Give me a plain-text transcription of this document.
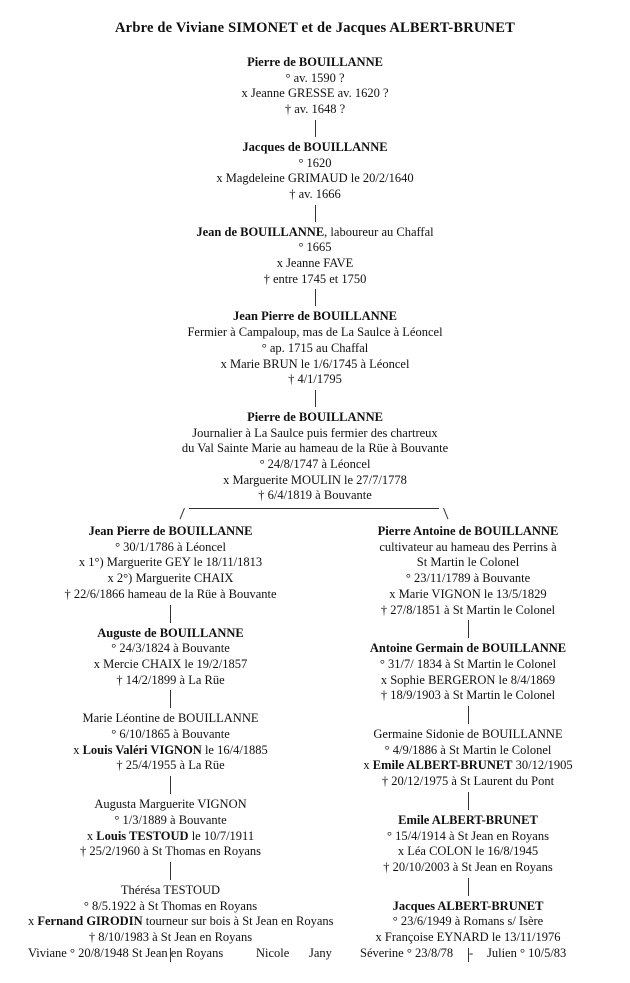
Arbre de Viviane SIMONET et de Jacques ALBERT-BRUNET
Pierre de BOUILLANNE
° av. 1590 ?
x Jeanne GRESSE av. 1620 ?
† av. 1648 ?
Jacques de BOUILLANNE
° 1620
x Magdeleine GRIMAUD le 20/2/1640
† av. 1666
Jean de BOUILLANNE, laboureur au Chaffal
° 1665
x Jeanne FAVE
† entre 1745 et 1750
Jean Pierre de BOUILLANNE
Fermier à Campaloup, mas de La Saulce à Léoncel
° ap. 1715 au Chaffal
x Marie BRUN le 1/6/1745 à Léoncel
† 4/1/1795
Pierre de BOUILLANNE
Journalier à La Saulce puis fermier des chartreux
du Val Sainte Marie au hameau de la Rüe à Bouvante
° 24/8/1747 à Léoncel
x Marguerite MOULIN le 27/7/1778
† 6/4/1819 à Bouvante
Jean Pierre de BOUILLANNE
° 30/1/1786 à Léoncel
x 1°) Marguerite GEY le 18/11/1813
x 2°) Marguerite CHAIX
† 22/6/1866 hameau de la Rüe à Bouvante
Auguste de BOUILLANNE
° 24/3/1824 à Bouvante
x Mercie CHAIX le 19/2/1857
† 14/2/1899 à La Rüe
Marie Léontine de BOUILLANNE
° 6/10/1865 à Bouvante
x Louis Valéri VIGNON le 16/4/1885
† 25/4/1955 à La Rüe
Augusta Marguerite VIGNON
° 1/3/1889 à Bouvante
x Louis TESTOUD le 10/7/1911
† 25/2/1960 à St Thomas en Royans
Thérésa TESTOUD
° 8/5.1922 à St Thomas en Royans
x Fernand GIRODIN tourneur sur bois à St Jean en Royans
† 8/10/1983 à St Jean en Royans
Pierre Antoine de BOUILLANNE
cultivateur au hameau des Perrins à
St Martin le Colonel
° 23/11/1789 à Bouvante
x Marie VIGNON le 13/5/1829
† 27/8/1851 à St Martin le Colonel
Antoine Germain de BOUILLANNE
° 31/7/ 1834 à St Martin le Colonel
x Sophie BERGERON le 8/4/1869
† 18/9/1903 à St Martin le Colonel
Germaine Sidonie de BOUILLANNE
° 4/9/1886 à St Martin le Colonel
x Emile ALBERT-BRUNET 30/12/1905
† 20/12/1975 à St Laurent du Pont
Emile ALBERT-BRUNET
° 15/4/1914 à St Jean en Royans
x Léa COLON le 16/8/1945
† 20/10/2003 à St Jean en Royans
Jacques ALBERT-BRUNET
° 23/6/1949 à Romans s/ Isère
x Françoise EYNARD le 13/11/1976
Viviane ° 20/8/1948 St Jean en Royans	Nicole Jany Séverine ° 23/8/78 - Julien ° 10/5/83
